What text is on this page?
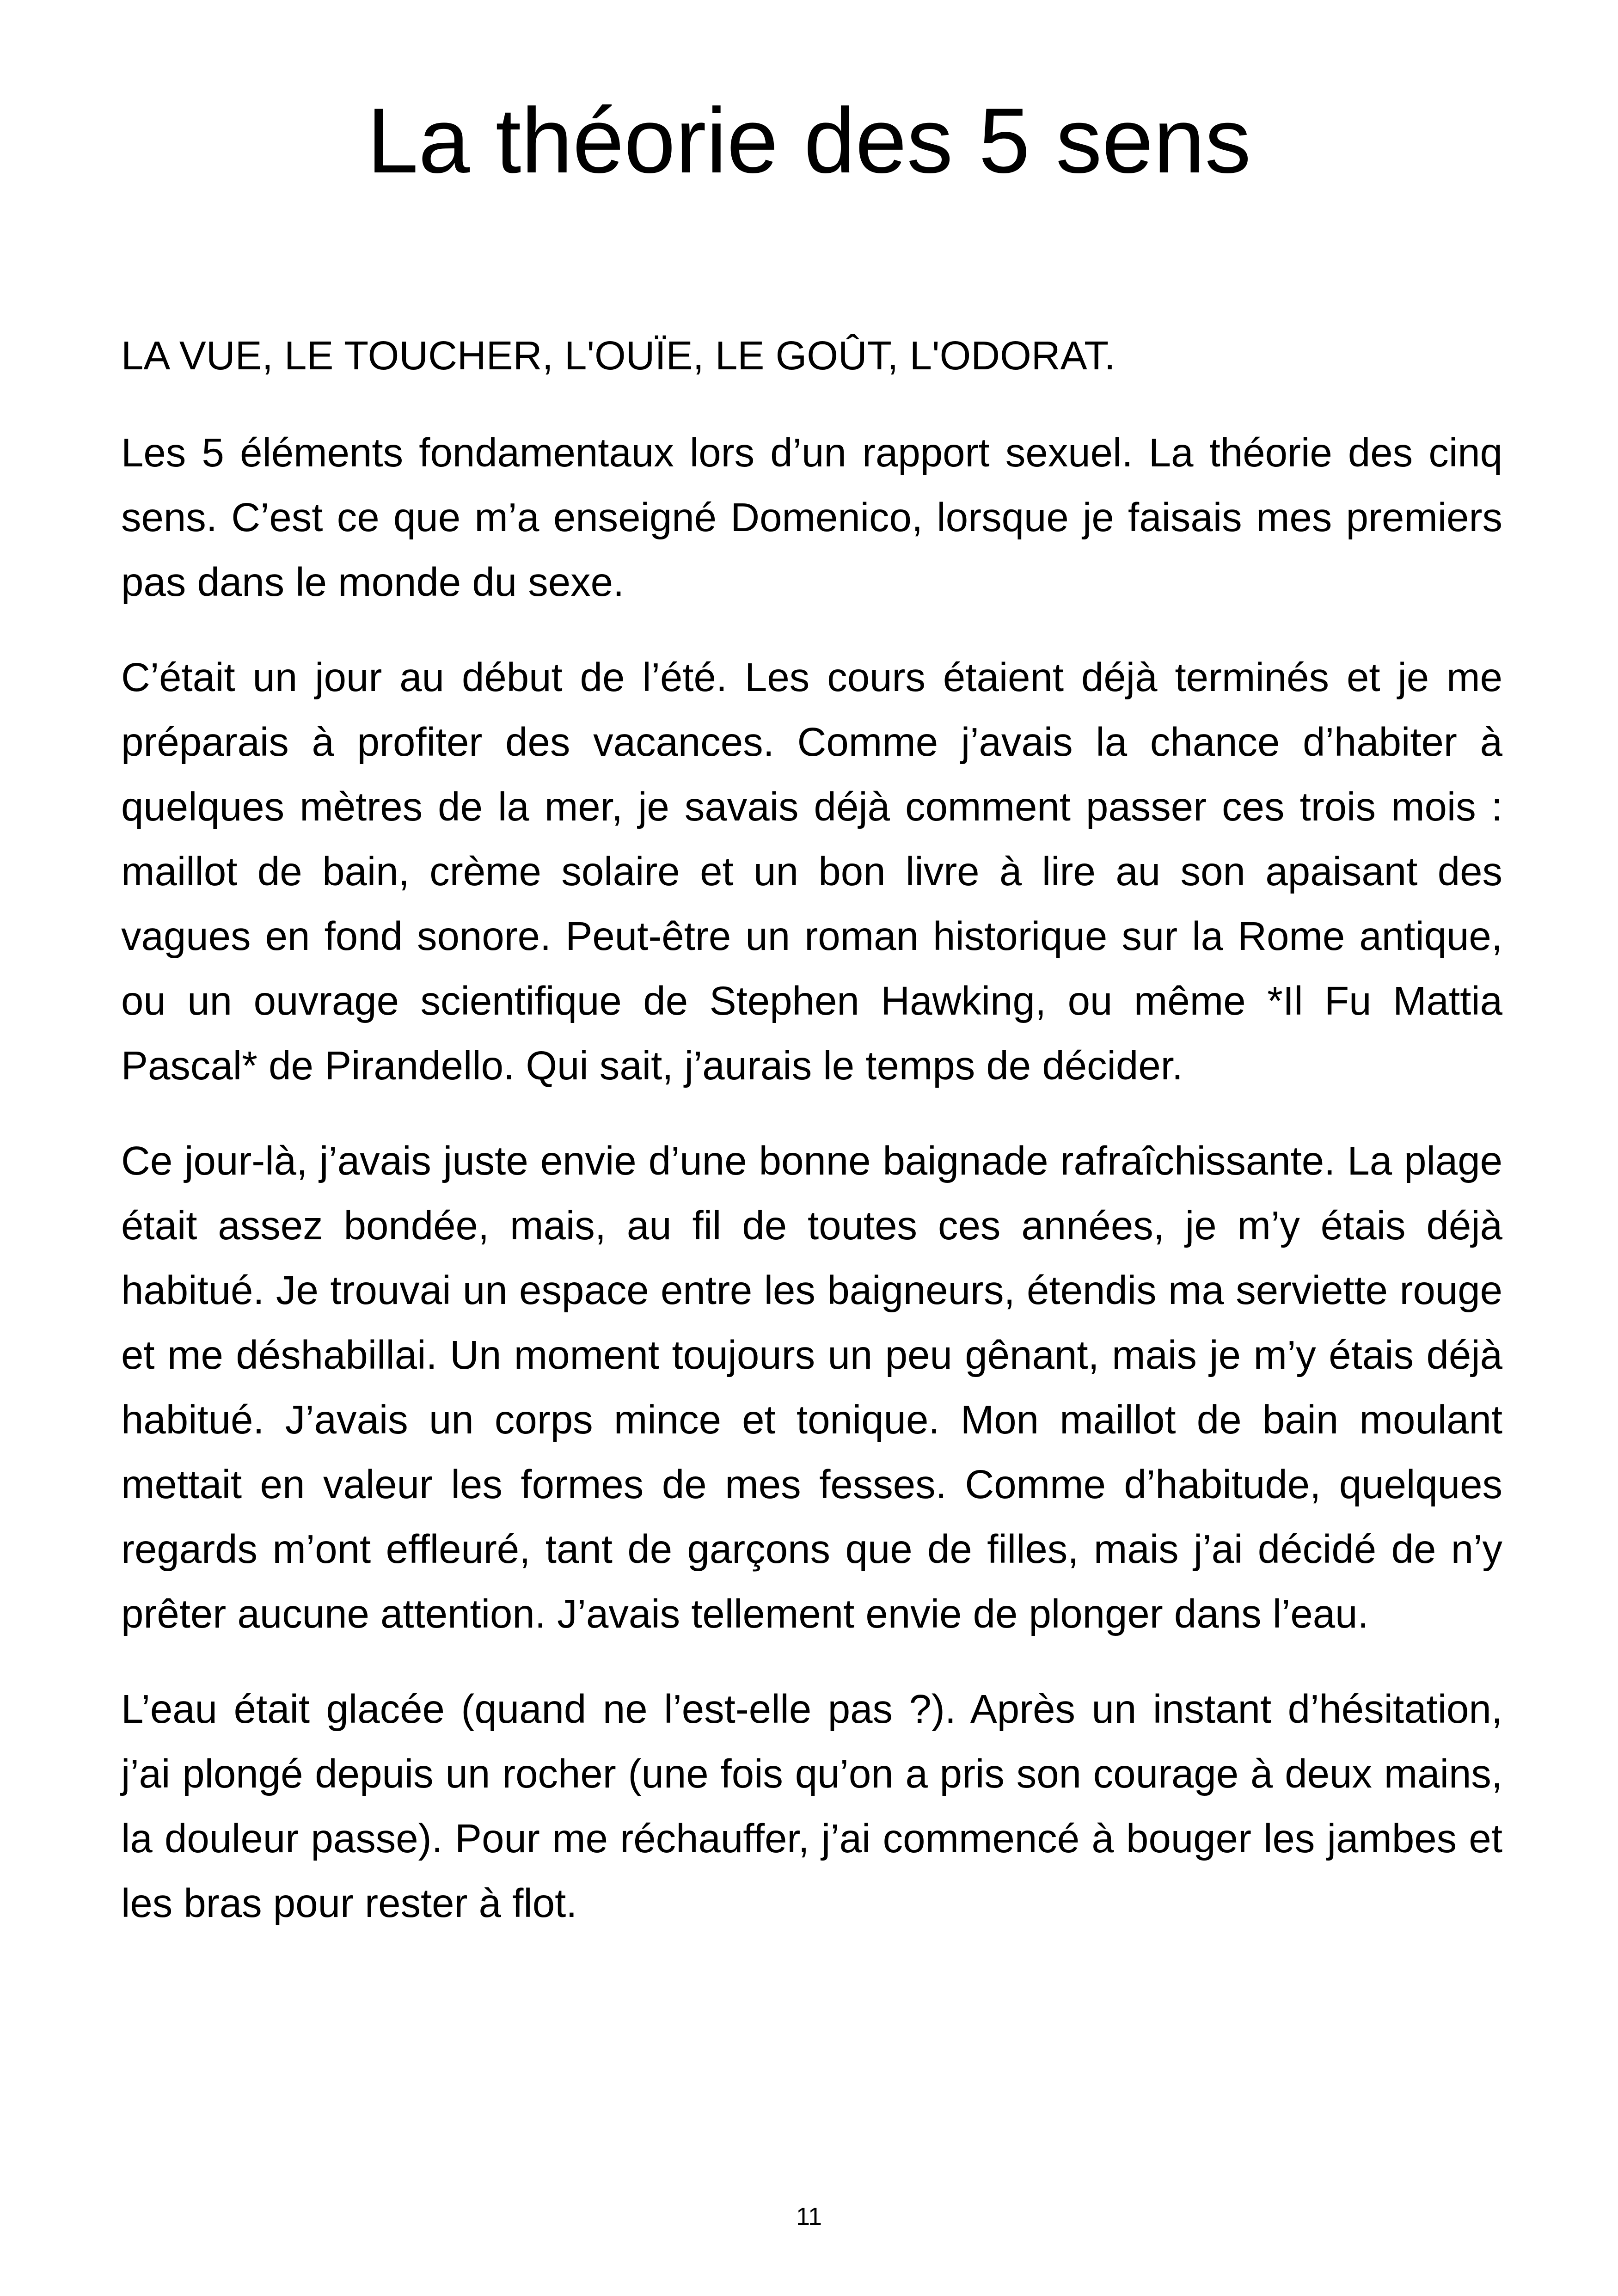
La théorie des 5 sens

LA VUE, LE TOUCHER, L'OUÏE, LE GOÛT, L'ODORAT.

Les 5 éléments fondamentaux lors d’un rapport sexuel. La théorie des cinq sens. C’est ce que m’a enseigné Domenico, lorsque je faisais mes premiers pas dans le monde du sexe.

C’était un jour au début de l’été. Les cours étaient déjà terminés et je me préparais à profiter des vacances. Comme j’avais la chance d’habiter à quelques mètres de la mer, je savais déjà comment passer ces trois mois : maillot de bain, crème solaire et un bon livre à lire au son apaisant des vagues en fond sonore. Peut-être un roman historique sur la Rome antique, ou un ouvrage scientifique de Stephen Hawking, ou même *Il Fu Mattia Pascal* de Pirandello. Qui sait, j’aurais le temps de décider.

Ce jour-là, j’avais juste envie d’une bonne baignade rafraîchissante. La plage était assez bondée, mais, au fil de toutes ces années, je m’y étais déjà habitué. Je trouvai un espace entre les baigneurs, étendis ma serviette rouge et me déshabillai. Un moment toujours un peu gênant, mais je m’y étais déjà habitué. J’avais un corps mince et tonique. Mon maillot de bain moulant mettait en valeur les formes de mes fesses. Comme d’habitude, quelques regards m’ont effleuré, tant de garçons que de filles, mais j’ai décidé de n’y prêter aucune attention. J’avais tellement envie de plonger dans l’eau.

L’eau était glacée (quand ne l’est-elle pas ?). Après un instant d’hésitation, j’ai plongé depuis un rocher (une fois qu’on a pris son courage à deux mains, la douleur passe). Pour me réchauffer, j’ai commencé à bouger les jambes et les bras pour rester à flot.

11
